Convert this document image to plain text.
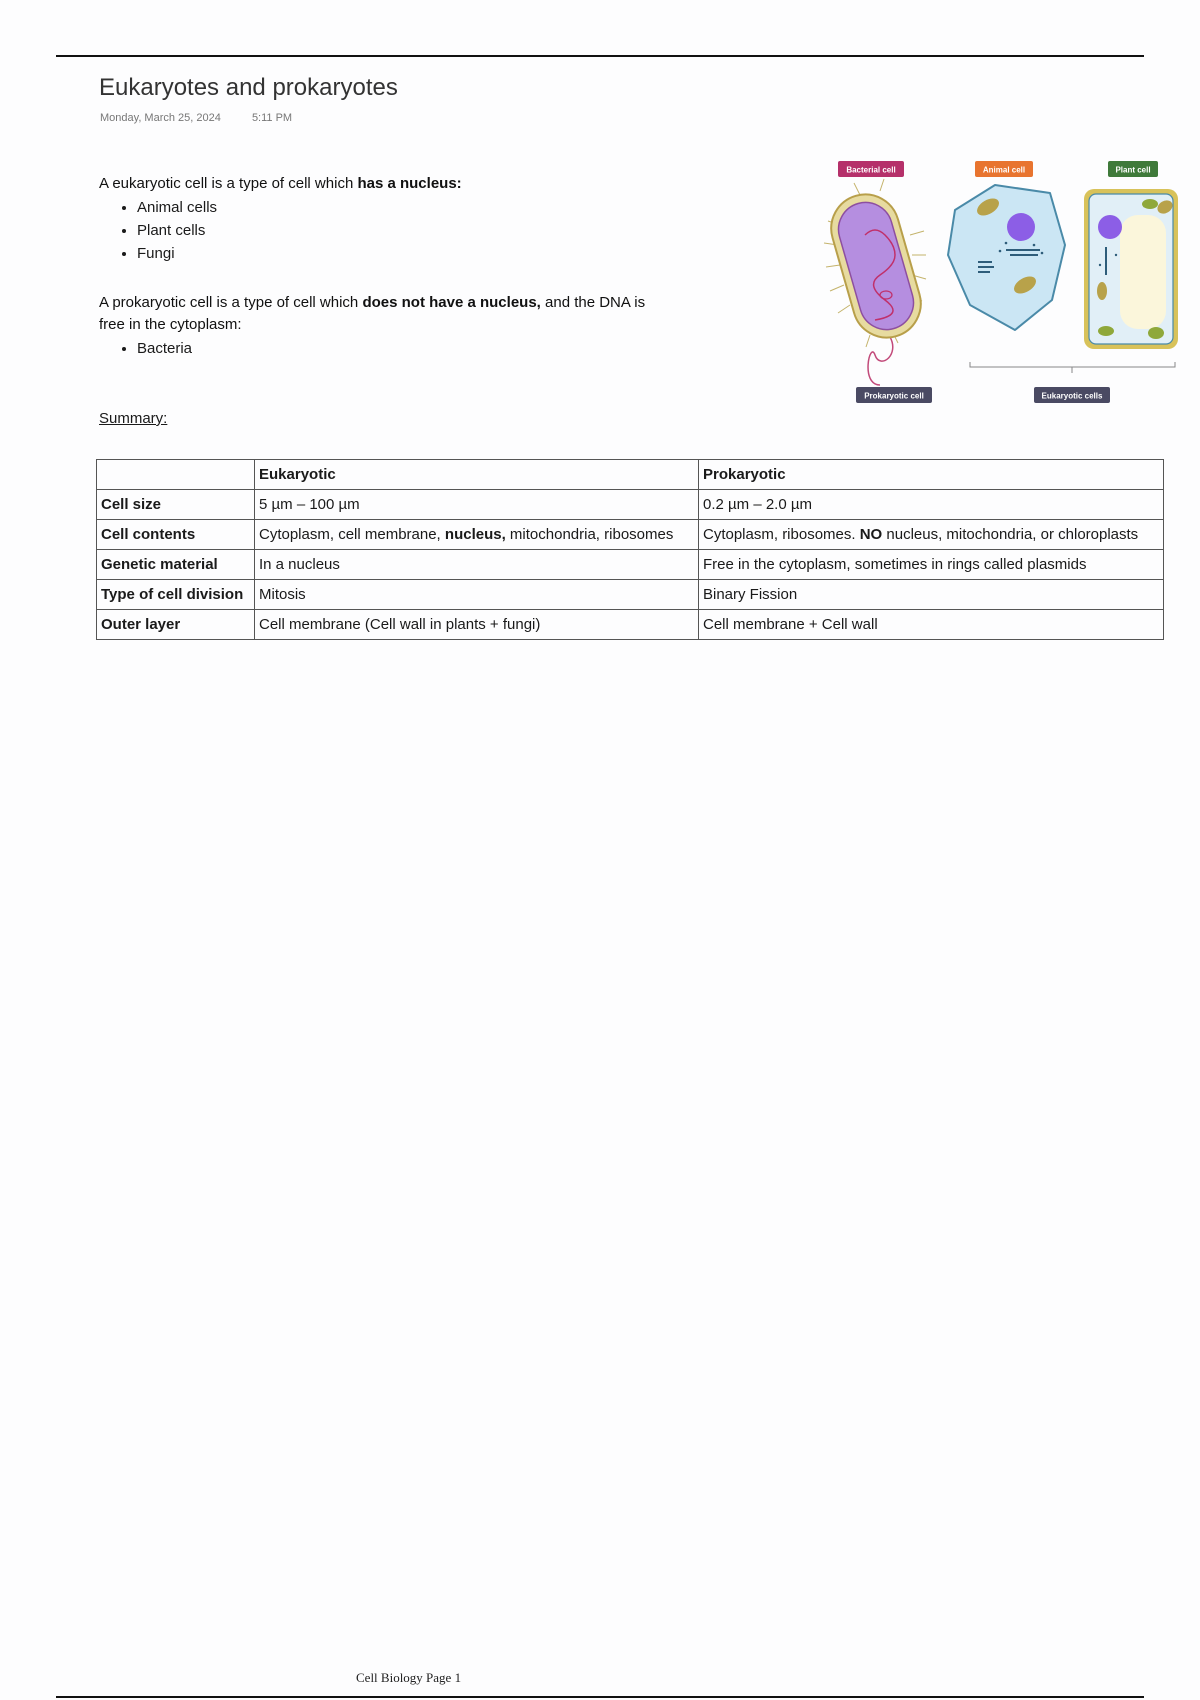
Eukaryotes and prokaryotes
Monday, March 25, 2024	5:11 PM
A eukaryotic cell is a type of cell which has a nucleus:
• Animal cells
• Plant cells
• Fungi
A prokaryotic cell is a type of cell which does not have a nucleus, and the DNA is free in the cytoplasm:
• Bacteria
Bacterial cell	Animal cell	Plant cell
Prokaryotic cell	Eukaryotic cells
Summary:
	Eukaryotic	Prokaryotic
Cell size	5 µm – 100 µm	0.2 µm – 2.0 µm
Cell contents	Cytoplasm, cell membrane, nucleus, mitochondria, ribosomes	Cytoplasm, ribosomes. NO nucleus, mitochondria, or chloroplasts
Genetic material	In a nucleus	Free in the cytoplasm, sometimes in rings called plasmids
Type of cell division	Mitosis	Binary Fission
Outer layer	Cell membrane (Cell wall in plants + fungi)	Cell membrane + Cell wall
Cell Biology Page 1
